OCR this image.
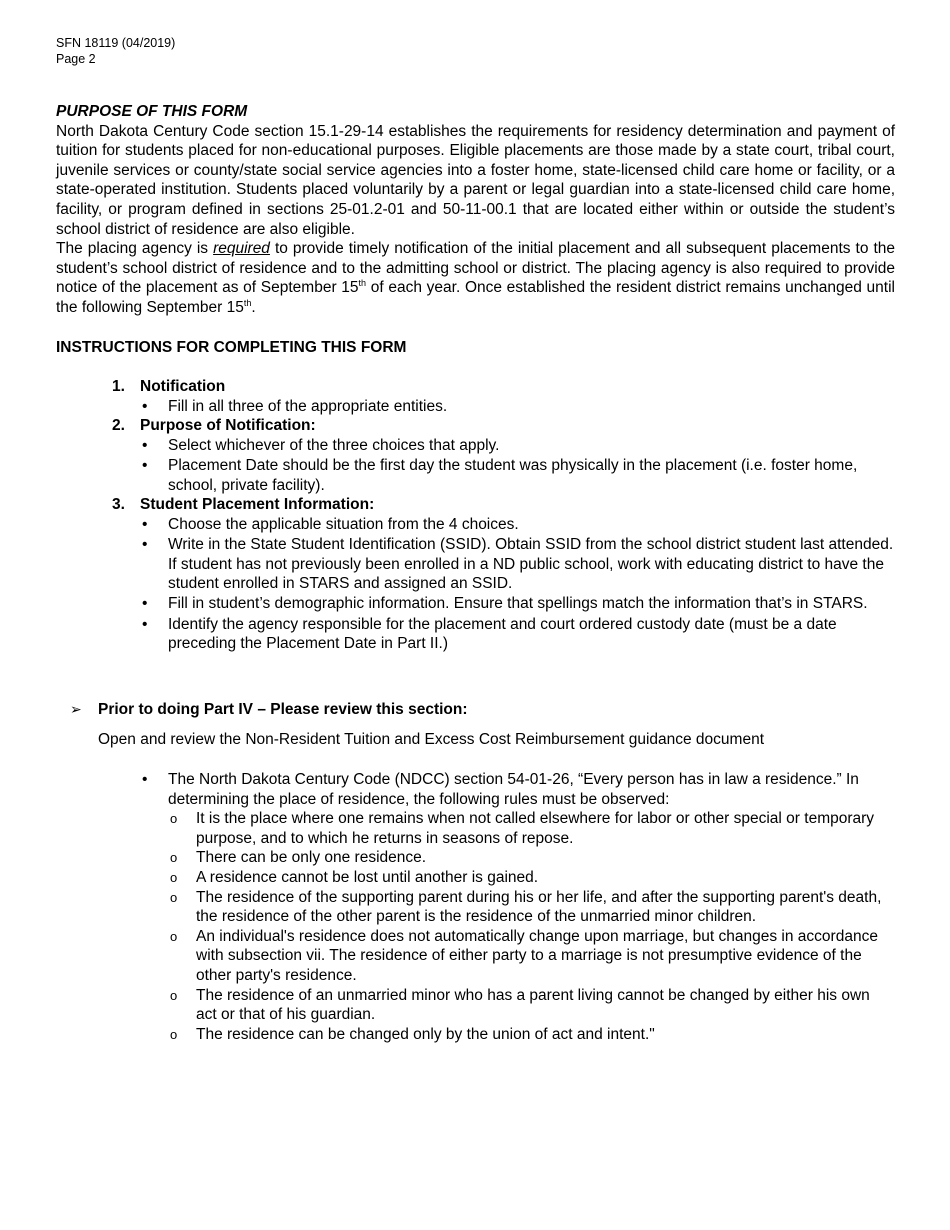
SFN 18119 (04/2019)
Page 2
PURPOSE OF THIS FORM
North Dakota Century Code section 15.1-29-14 establishes the requirements for residency determination and payment of tuition for students placed for non-educational purposes. Eligible placements are those made by a state court, tribal court, juvenile services or county/state social service agencies into a foster home, state-licensed child care home or facility, or a state-operated institution. Students placed voluntarily by a parent or legal guardian into a state-licensed child care home, facility, or program defined in sections 25-01.2-01 and 50-11-00.1 that are located either within or outside the student’s school district of residence are also eligible.
The placing agency is required to provide timely notification of the initial placement and all subsequent placements to the student’s school district of residence and to the admitting school or district. The placing agency is also required to provide notice of the placement as of September 15th of each year. Once established the resident district remains unchanged until the following September 15th.
INSTRUCTIONS FOR COMPLETING THIS FORM
1. Notification
• Fill in all three of the appropriate entities.
2. Purpose of Notification:
• Select whichever of the three choices that apply.
• Placement Date should be the first day the student was physically in the placement (i.e. foster home, school, private facility).
3. Student Placement Information:
• Choose the applicable situation from the 4 choices.
• Write in the State Student Identification (SSID). Obtain SSID from the school district student last attended. If student has not previously been enrolled in a ND public school, work with educating district to have the student enrolled in STARS and assigned an SSID.
• Fill in student’s demographic information. Ensure that spellings match the information that’s in STARS.
• Identify the agency responsible for the placement and court ordered custody date (must be a date preceding the Placement Date in Part II.)
➢ Prior to doing Part IV – Please review this section:
Open and review the Non-Resident Tuition and Excess Cost Reimbursement guidance document
• The North Dakota Century Code (NDCC) section 54-01-26, “Every person has in law a residence.” In determining the place of residence, the following rules must be observed:
o It is the place where one remains when not called elsewhere for labor or other special or temporary purpose, and to which he returns in seasons of repose.
o There can be only one residence.
o A residence cannot be lost until another is gained.
o The residence of the supporting parent during his or her life, and after the supporting parent's death, the residence of the other parent is the residence of the unmarried minor children.
o An individual's residence does not automatically change upon marriage, but changes in accordance with subsection vii. The residence of either party to a marriage is not presumptive evidence of the other party's residence.
o The residence of an unmarried minor who has a parent living cannot be changed by either his own act or that of his guardian.
o The residence can be changed only by the union of act and intent."
